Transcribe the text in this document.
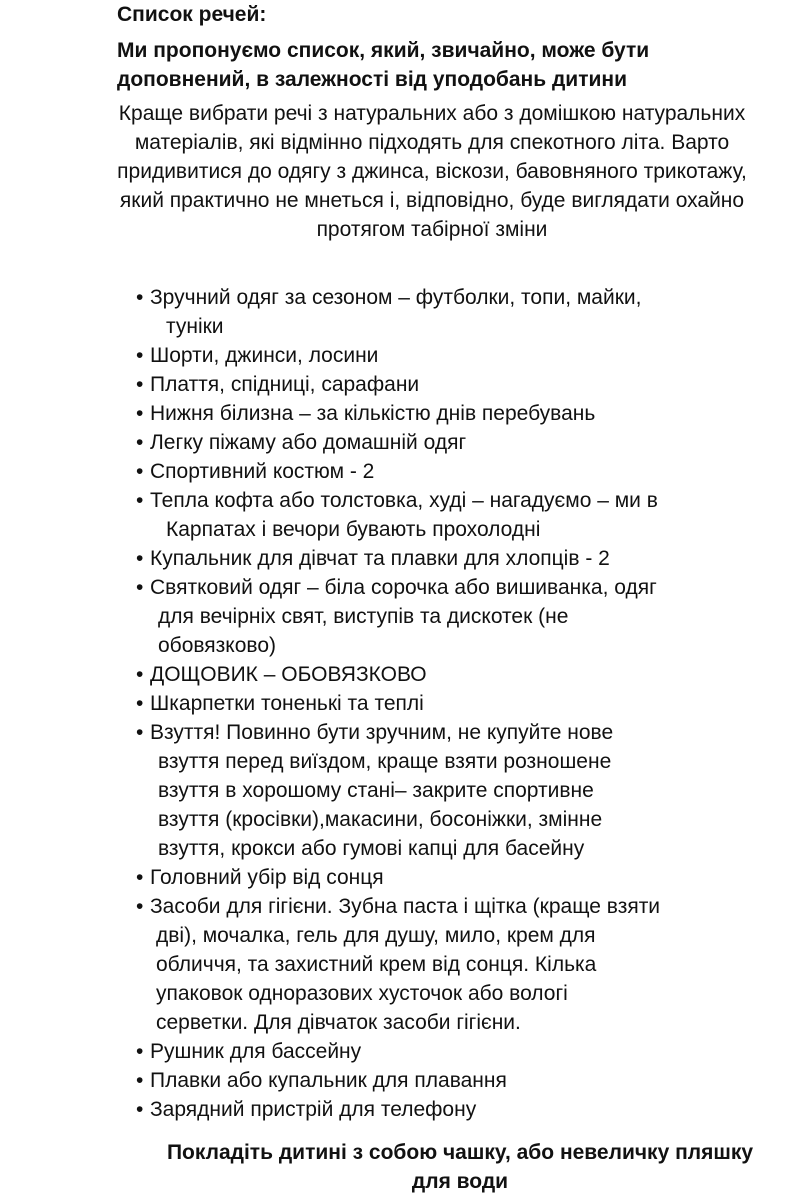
Список речей:
Ми пропонуємо список, який, звичайно, може бути доповнений, в залежності від уподобань дитини
Краще вибрати речі з натуральних або з домішкою натуральних матеріалів, які відмінно підходять для спекотного літа. Варто придивитися до одягу з джинса, віскози, бавовняного трикотажу, який практично не мнеться і, відповідно, буде виглядати охайно протягом табірної зміни
• Зручний одяг за сезоном – футболки, топи, майки,
туніки
• Шорти, джинси, лосини
• Плаття, спідниці, сарафани
• Нижня білизна – за кількістю днів перебувань
• Легку піжаму або домашній одяг
• Спортивний костюм - 2
• Тепла кофта або толстовка, худі – нагадуємо – ми в
Карпатах і вечори бувають прохолодні
• Купальник для дівчат та плавки для хлопців - 2
• Святковий одяг – біла сорочка або вишиванка, одяг
для вечірніх свят, виступів та дискотек (не
обовязково)
• ДОЩОВИК – ОБОВЯЗКОВО
• Шкарпетки тоненькі та теплі
• Взуття! Повинно бути зручним, не купуйте нове
взуття перед виїздом, краще взяти розношене
взуття в хорошому стані– закрите спортивне
взуття (кросівки),макасини, босоніжки, змінне
взуття, крокси або гумові капці для басейну
• Головний убір від сонця
• Засоби для гігієни. Зубна паста і щітка (краще взяти
дві), мочалка, гель для душу, мило, крем для
обличчя, та захистний крем від сонця. Кілька
упаковок одноразових хусточок або вологі
серветки. Для дівчаток засоби гігієни.
• Рушник для бассейну
• Плавки або купальник для плавання
• Зарядний пристрій для телефону
Покладіть дитині з собою чашку, або невеличку пляшку для води
